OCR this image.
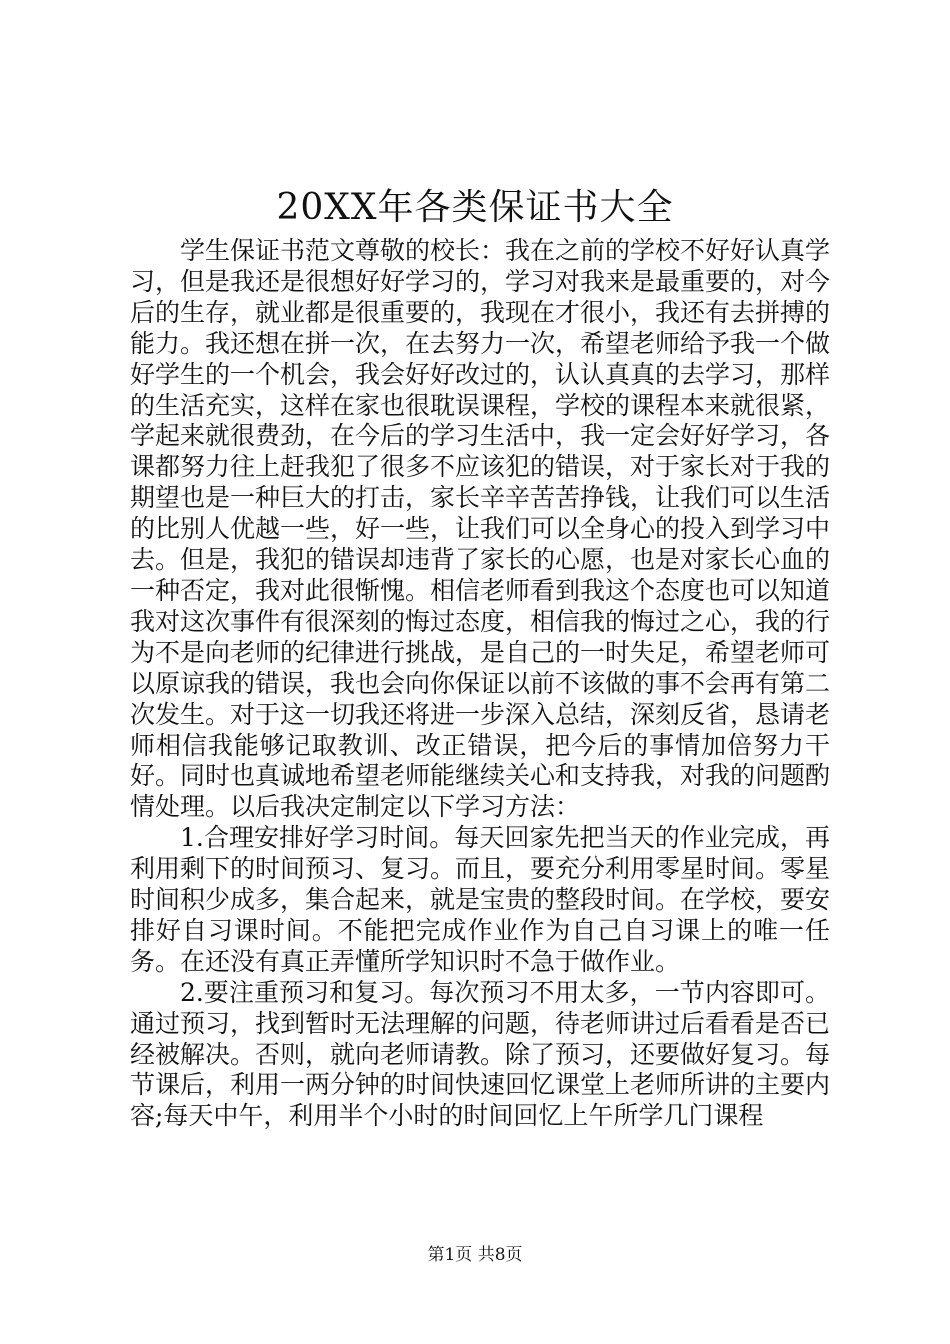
20XX年各类保证书大全

学生保证书范文尊敬的校长：我在之前的学校不好好认真学习，但是我还是很想好好学习的，学习对我来是最重要的，对今后的生存，就业都是很重要的，我现在才很小，我还有去拼搏的能力。我还想在拼一次，在去努力一次，希望老师给予我一个做好学生的一个机会，我会好好改过的，认认真真的去学习，那样的生活充实，这样在家也很耽误课程，学校的课程本来就很紧，学起来就很费劲，在今后的学习生活中，我一定会好好学习，各课都努力往上赶我犯了很多不应该犯的错误，对于家长对于我的期望也是一种巨大的打击，家长辛辛苦苦挣钱，让我们可以生活的比别人优越一些，好一些，让我们可以全身心的投入到学习中去。但是，我犯的错误却违背了家长的心愿，也是对家长心血的一种否定，我对此很惭愧。相信老师看到我这个态度也可以知道我对这次事件有很深刻的悔过态度，相信我的悔过之心，我的行为不是向老师的纪律进行挑战，是自己的一时失足，希望老师可以原谅我的错误，我也会向你保证以前不该做的事不会再有第二次发生。对于这一切我还将进一步深入总结，深刻反省，恳请老师相信我能够记取教训、改正错误，把今后的事情加倍努力干好。同时也真诚地希望老师能继续关心和支持我，对我的问题酌情处理。以后我决定制定以下学习方法：

1.合理安排好学习时间。每天回家先把当天的作业完成，再利用剩下的时间预习、复习。而且，要充分利用零星时间。零星时间积少成多，集合起来，就是宝贵的整段时间。在学校，要安排好自习课时间。不能把完成作业作为自己自习课上的唯一任务。在还没有真正弄懂所学知识时不急于做作业。

2.要注重预习和复习。每次预习不用太多，一节内容即可。通过预习，找到暂时无法理解的问题，待老师讲过后看看是否已经被解决。否则，就向老师请教。除了预习，还要做好复习。每节课后，利用一两分钟的时间快速回忆课堂上老师所讲的主要内容;每天中午，利用半个小时的时间回忆上午所学几门课程

第1页 共8页
